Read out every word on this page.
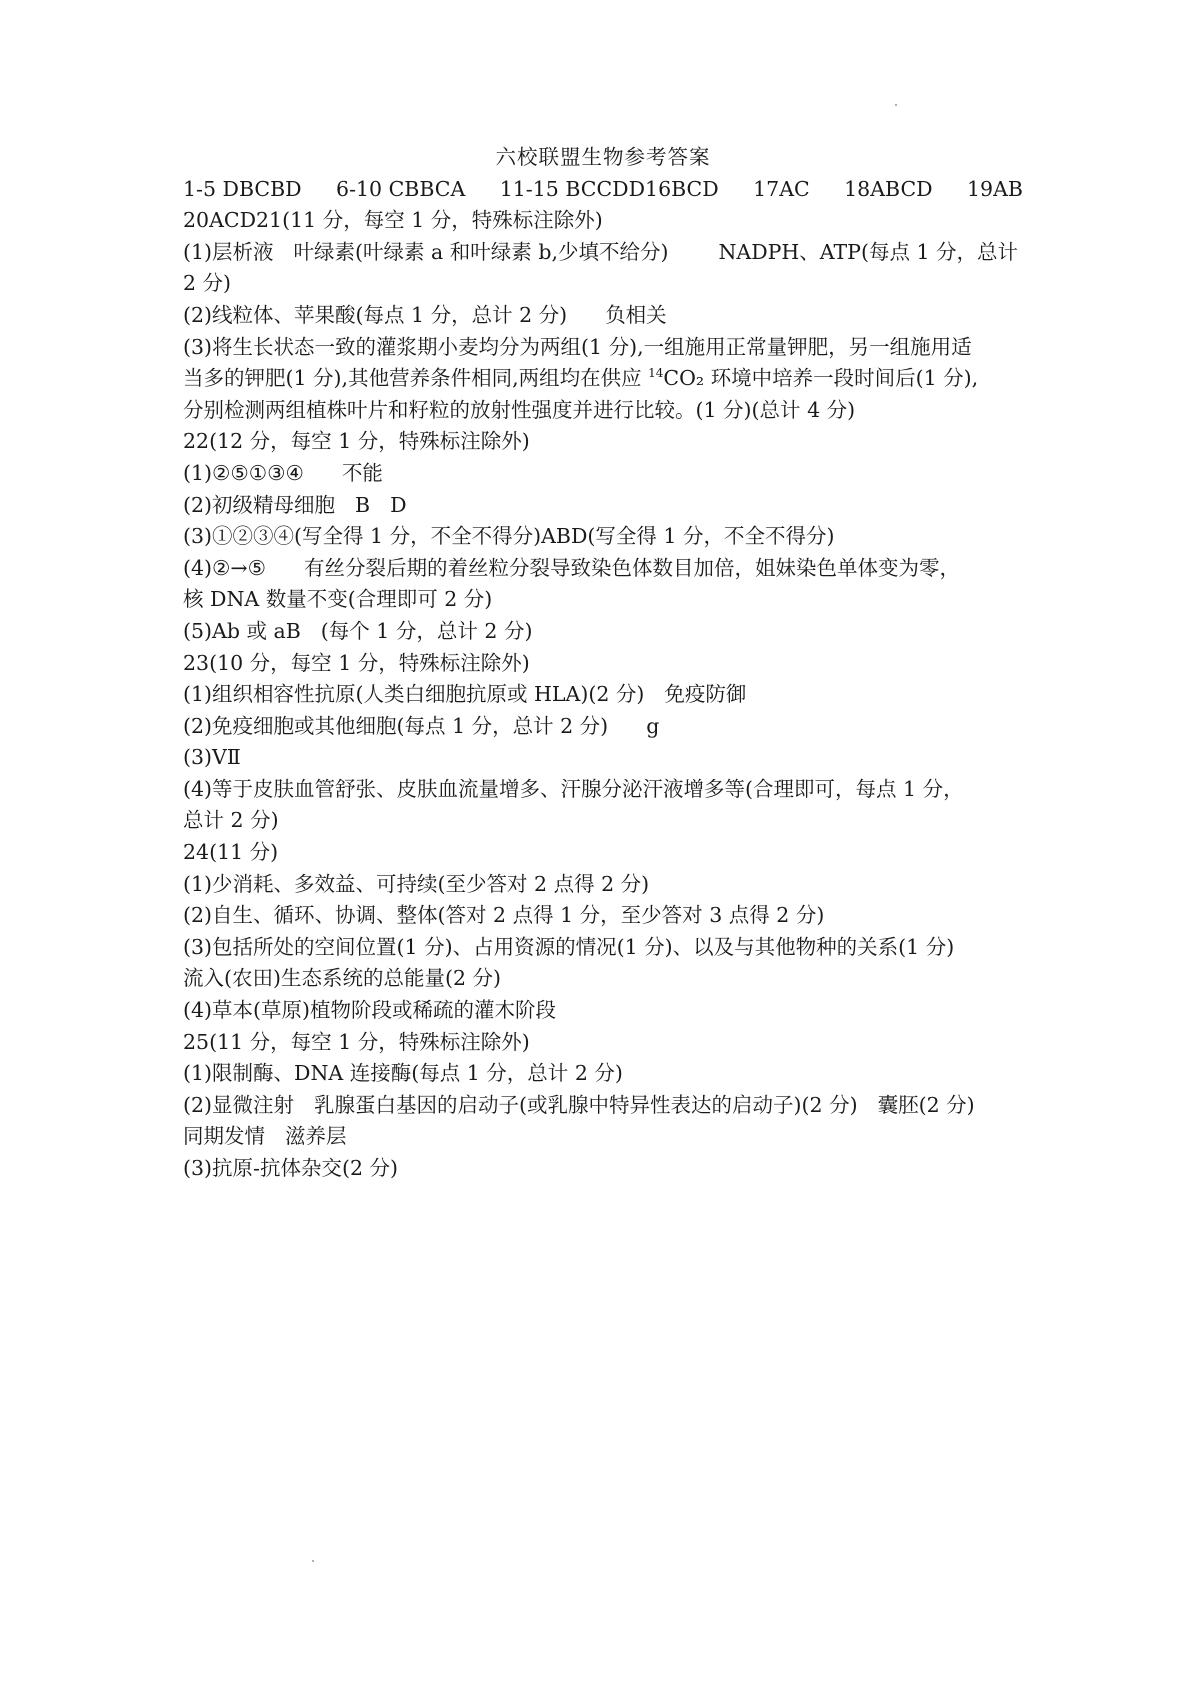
六校联盟生物参考答案
1-5 DBCBD 6-10 CBBCA 11-15 BCCDD16BCD 17AC 18ABCD 19AB
20ACD21(11 分，每空 1 分，特殊标注除外)
(1)层析液 叶绿素(叶绿素 a 和叶绿素 b,少填不给分) NADPH、ATP(每点 1 分，总计
2 分)
(2)线粒体、苹果酸(每点 1 分，总计 2 分) 负相关
(3)将生长状态一致的灌浆期小麦均分为两组(1 分),一组施用正常量钾肥，另一组施用适
当多的钾肥(1 分),其他营养条件相同,两组均在供应 $^{14}$CO₂ 环境中培养一段时间后(1 分),
分别检测两组植株叶片和籽粒的放射性强度并进行比较。(1 分)(总计 4 分)
22(12 分，每空 1 分，特殊标注除外)
(1)②⑤①③④ 不能
(2)初级精母细胞 B D
(3)①②③④(写全得 1 分，不全不得分)ABD(写全得 1 分，不全不得分)
(4)②→⑤ 有丝分裂后期的着丝粒分裂导致染色体数目加倍，姐妹染色单体变为零，
核 DNA 数量不变(合理即可 2 分)
(5)Ab 或 aB (每个 1 分，总计 2 分)
23(10 分，每空 1 分，特殊标注除外)
(1)组织相容性抗原(人类白细胞抗原或 HLA)(2 分) 免疫防御
(2)免疫细胞或其他细胞(每点 1 分，总计 2 分) g
(3)VⅡ
(4)等于皮肤血管舒张、皮肤血流量增多、汗腺分泌汗液增多等(合理即可，每点 1 分，
总计 2 分)
24(11 分)
(1)少消耗、多效益、可持续(至少答对 2 点得 2 分)
(2)自生、循环、协调、整体(答对 2 点得 1 分，至少答对 3 点得 2 分)
(3)包括所处的空间位置(1 分)、占用资源的情况(1 分)、以及与其他物种的关系(1 分)
流入(农田)生态系统的总能量(2 分)
(4)草本(草原)植物阶段或稀疏的灌木阶段
25(11 分，每空 1 分，特殊标注除外)
(1)限制酶、DNA 连接酶(每点 1 分，总计 2 分)
(2)显微注射 乳腺蛋白基因的启动子(或乳腺中特异性表达的启动子)(2 分) 囊胚(2 分)
同期发情 滋养层
(3)抗原-抗体杂交(2 分)
